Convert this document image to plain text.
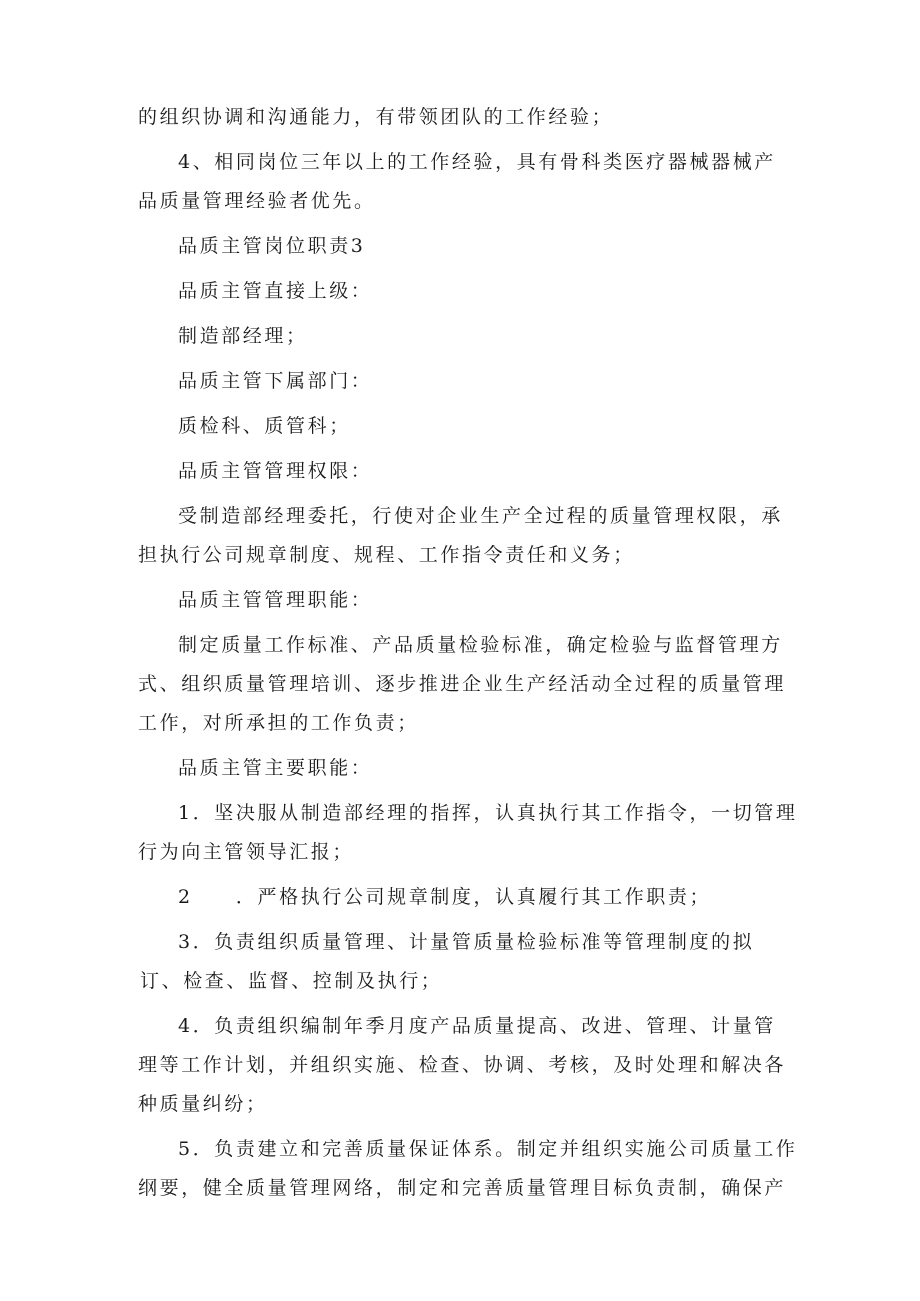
的组织协调和沟通能力，有带领团队的工作经验；
4、相同岗位三年以上的工作经验，具有骨科类医疗器械器械产
品质量管理经验者优先。
品质主管岗位职责3
品质主管直接上级：
制造部经理；
品质主管下属部门：
质检科、质管科；
品质主管管理权限：
受制造部经理委托，行使对企业生产全过程的质量管理权限，承
担执行公司规章制度、规程、工作指令责任和义务；
品质主管管理职能：
制定质量工作标准、产品质量检验标准，确定检验与监督管理方
式、组织质量管理培训、逐步推进企业生产经活动全过程的质量管理
工作，对所承担的工作负责；
品质主管主要职能：
1．坚决服从制造部经理的指挥，认真执行其工作指令，一切管理
行为向主管领导汇报；
2　　．严格执行公司规章制度，认真履行其工作职责；
3．负责组织质量管理、计量管质量检验标准等管理制度的拟
订、检查、监督、控制及执行；
4．负责组织编制年季月度产品质量提高、改进、管理、计量管
理等工作计划，并组织实施、检查、协调、考核，及时处理和解决各
种质量纠纷；
5．负责建立和完善质量保证体系。制定并组织实施公司质量工作
纲要，健全质量管理网络，制定和完善质量管理目标负责制，确保产
